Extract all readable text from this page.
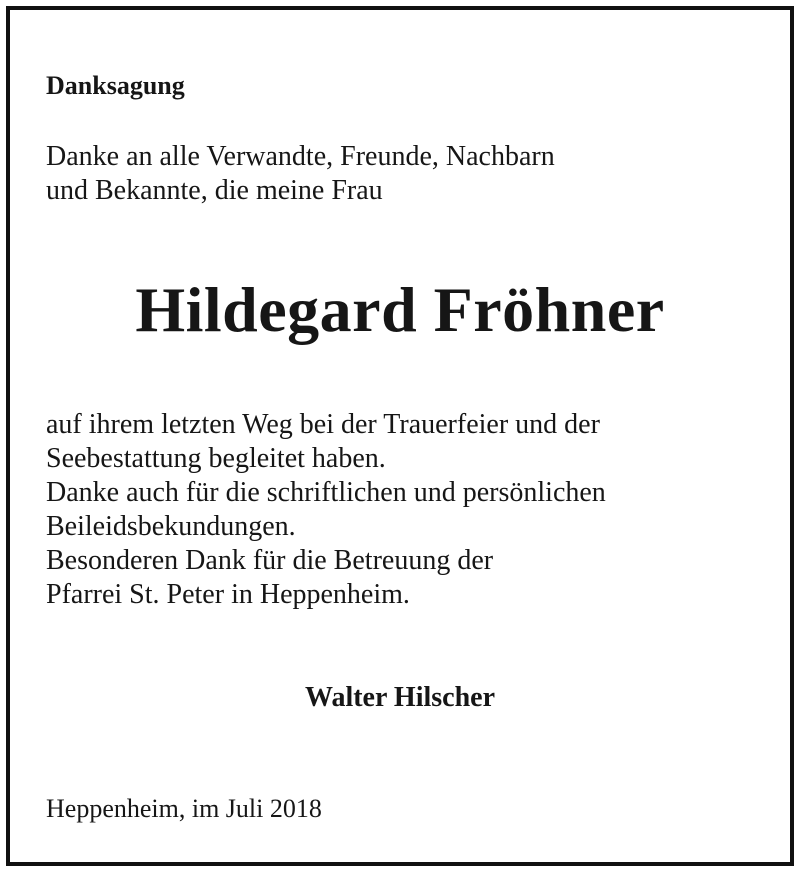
Danksagung

Danke an alle Verwandte, Freunde, Nachbarn
und Bekannte, die meine Frau

Hildegard Fröhner

auf ihrem letzten Weg bei der Trauerfeier und der
Seebestattung begleitet haben.
Danke auch für die schriftlichen und persönlichen
Beileidsbekundungen.
Besonderen Dank für die Betreuung der
Pfarrei St. Peter in Heppenheim.

Walter Hilscher

Heppenheim, im Juli 2018
